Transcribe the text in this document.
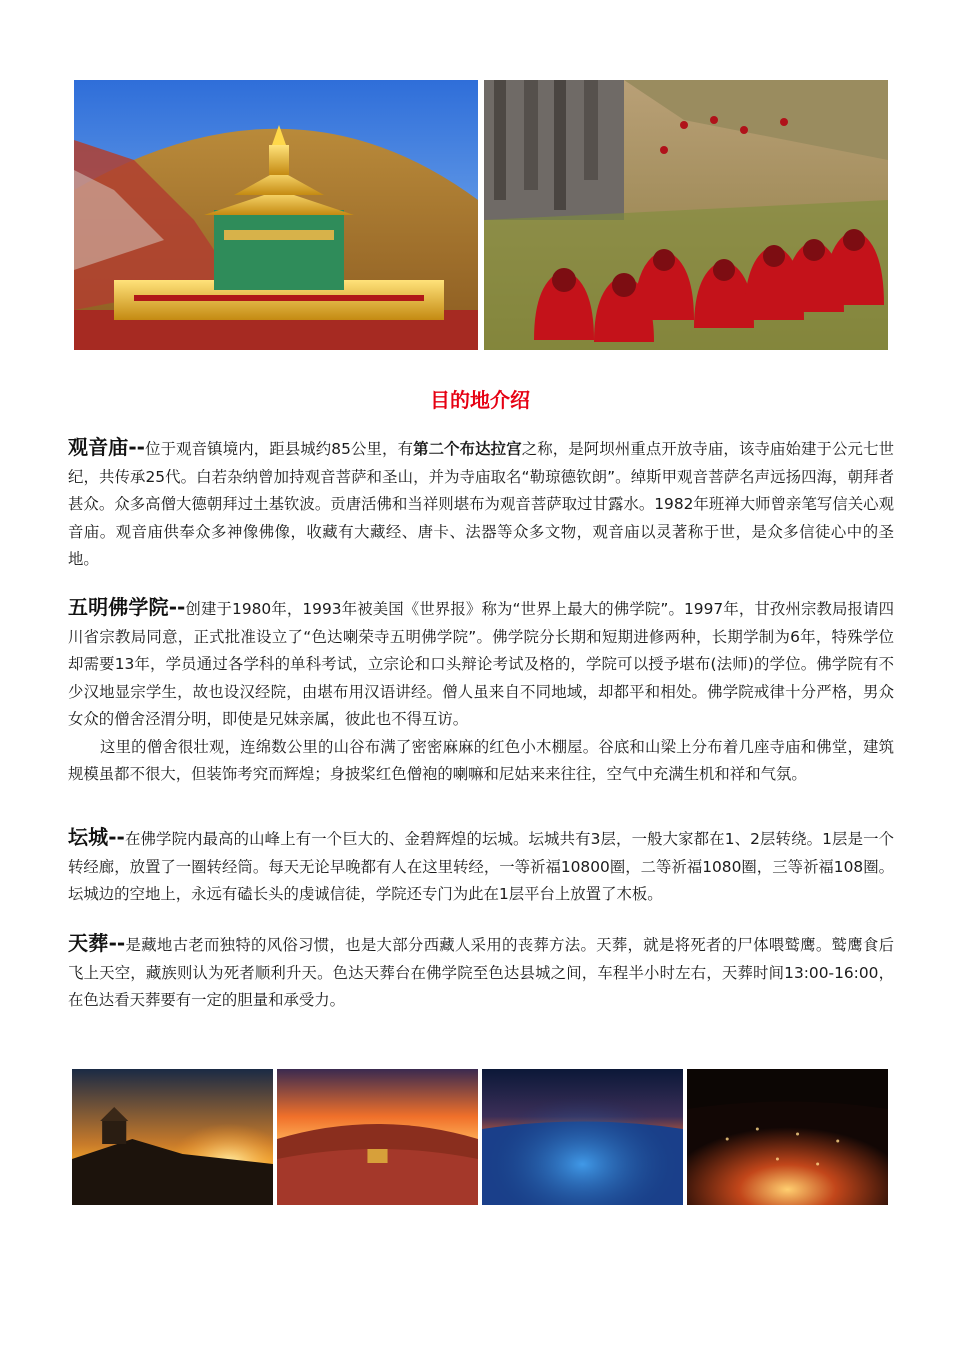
目的地介绍

观音庙--位于观音镇境内，距县城约85公里，有第二个布达拉宫之称，是阿坝州重点开放寺庙，该寺庙始建于公元七世纪，共传承25代。白若杂纳曾加持观音菩萨和圣山，并为寺庙取名“勒琼德钦朗”。绰斯甲观音菩萨名声远扬四海，朝拜者甚众。众多高僧大德朝拜过土基钦波。贡唐活佛和当祥则堪布为观音菩萨取过甘露水。1982年班禅大师曾亲笔写信关心观音庙。观音庙供奉众多神像佛像，收藏有大藏经、唐卡、法器等众多文物，观音庙以灵著称于世，是众多信徒心中的圣地。

五明佛学院--创建于1980年，1993年被美国《世界报》称为“世界上最大的佛学院”。1997年，甘孜州宗教局报请四川省宗教局同意，正式批准设立了“色达喇荣寺五明佛学院”。佛学院分长期和短期进修两种，长期学制为6年，特殊学位却需要13年，学员通过各学科的单科考试，立宗论和口头辩论考试及格的，学院可以授予堪布(法师)的学位。佛学院有不少汉地显宗学生，故也设汉经院，由堪布用汉语讲经。僧人虽来自不同地域，却都平和相处。佛学院戒律十分严格，男众女众的僧舍泾渭分明，即使是兄妹亲属，彼此也不得互访。

这里的僧舍很壮观，连绵数公里的山谷布满了密密麻麻的红色小木棚屋。谷底和山梁上分布着几座寺庙和佛堂，建筑规模虽都不很大，但装饰考究而辉煌；身披桨红色僧袍的喇嘛和尼姑来来往往，空气中充满生机和祥和气氛。

坛城--在佛学院内最高的山峰上有一个巨大的、金碧辉煌的坛城。坛城共有3层，一般大家都在1、2层转绕。1层是一个转经廊，放置了一圈转经筒。每天无论早晚都有人在这里转经，一等祈福10800圈，二等祈福1080圈，三等祈福108圈。坛城边的空地上，永远有磕长头的虔诚信徒，学院还专门为此在1层平台上放置了木板。

天葬--是藏地古老而独特的风俗习惯，也是大部分西藏人采用的丧葬方法。天葬，就是将死者的尸体喂鹫鹰。鹫鹰食后飞上天空，藏族则认为死者顺利升天。色达天葬台在佛学院至色达县城之间，车程半小时左右，天葬时间13:00-16:00，在色达看天葬要有一定的胆量和承受力。
